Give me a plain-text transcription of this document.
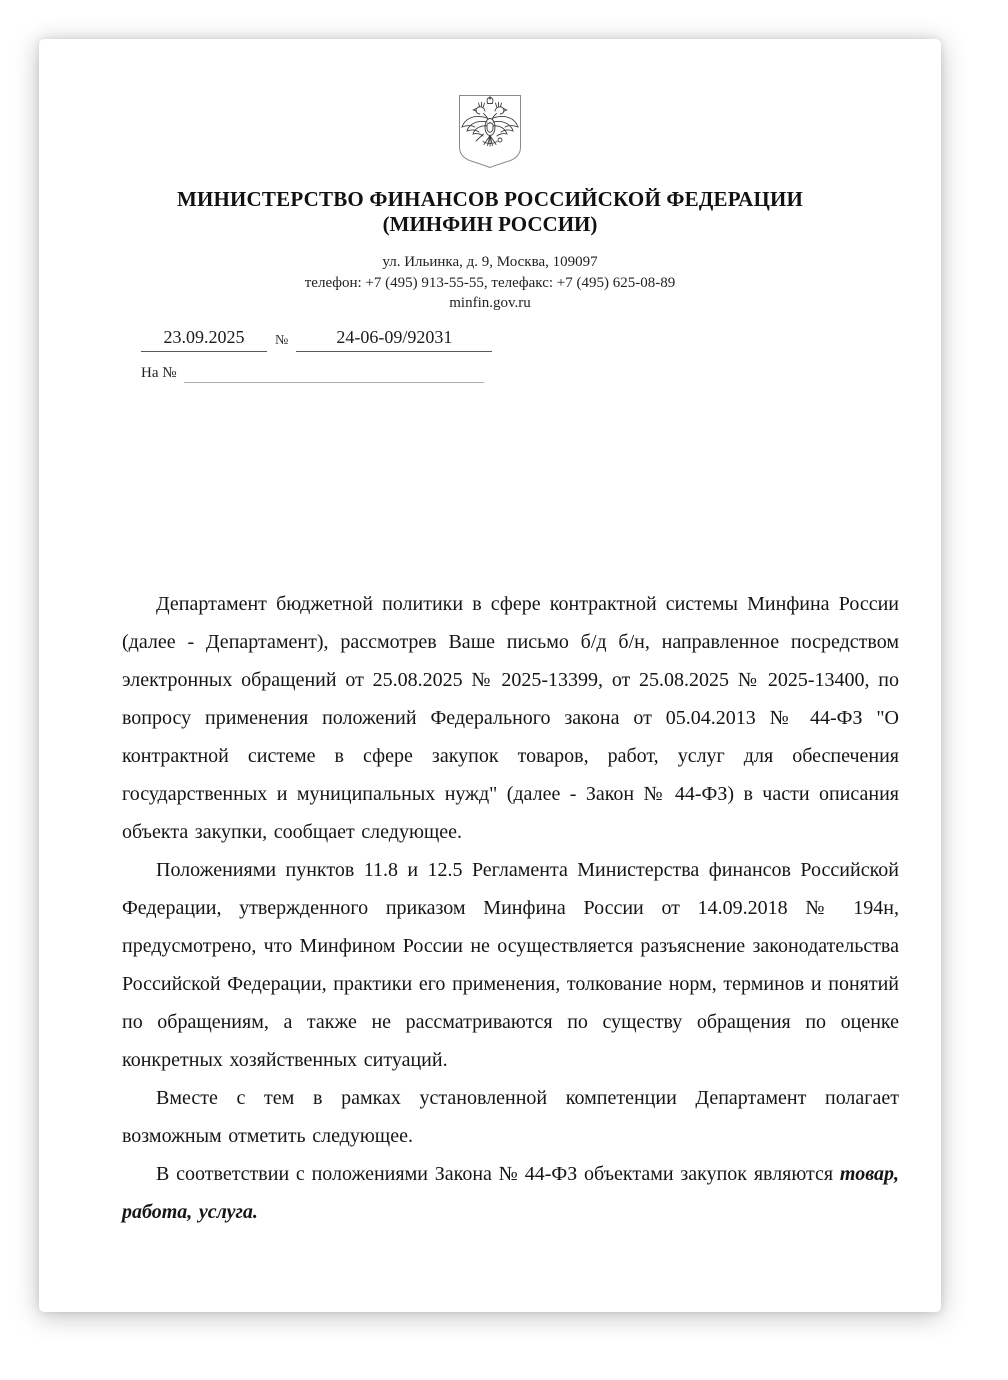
МИНИСТЕРСТВО ФИНАНСОВ РОССИЙСКОЙ ФЕДЕРАЦИИ
(МИНФИН РОССИИ)
ул. Ильинка, д. 9, Москва, 109097
телефон: +7 (495) 913-55-55, телефакс: +7 (495) 625-08-89
minfin.gov.ru
23.09.2025	№	24-06-09/92031
На №

Департамент бюджетной политики в сфере контрактной системы Минфина России (далее - Департамент), рассмотрев Ваше письмо б/д б/н, направленное посредством электронных обращений от 25.08.2025 № 2025-13399, от 25.08.2025 № 2025-13400, по вопросу применения положений Федерального закона от 05.04.2013 № 44-ФЗ "О контрактной системе в сфере закупок товаров, работ, услуг для обеспечения государственных и муниципальных нужд" (далее - Закон № 44-ФЗ) в части описания объекта закупки, сообщает следующее.

Положениями пунктов 11.8 и 12.5 Регламента Министерства финансов Российской Федерации, утвержденного приказом Минфина России от 14.09.2018 № 194н, предусмотрено, что Минфином России не осуществляется разъяснение законодательства Российской Федерации, практики его применения, толкование норм, терминов и понятий по обращениям, а также не рассматриваются по существу обращения по оценке конкретных хозяйственных ситуаций.

Вместе с тем в рамках установленной компетенции Департамент полагает возможным отметить следующее.

В соответствии с положениями Закона № 44-ФЗ объектами закупок являются товар, работа, услуга.
